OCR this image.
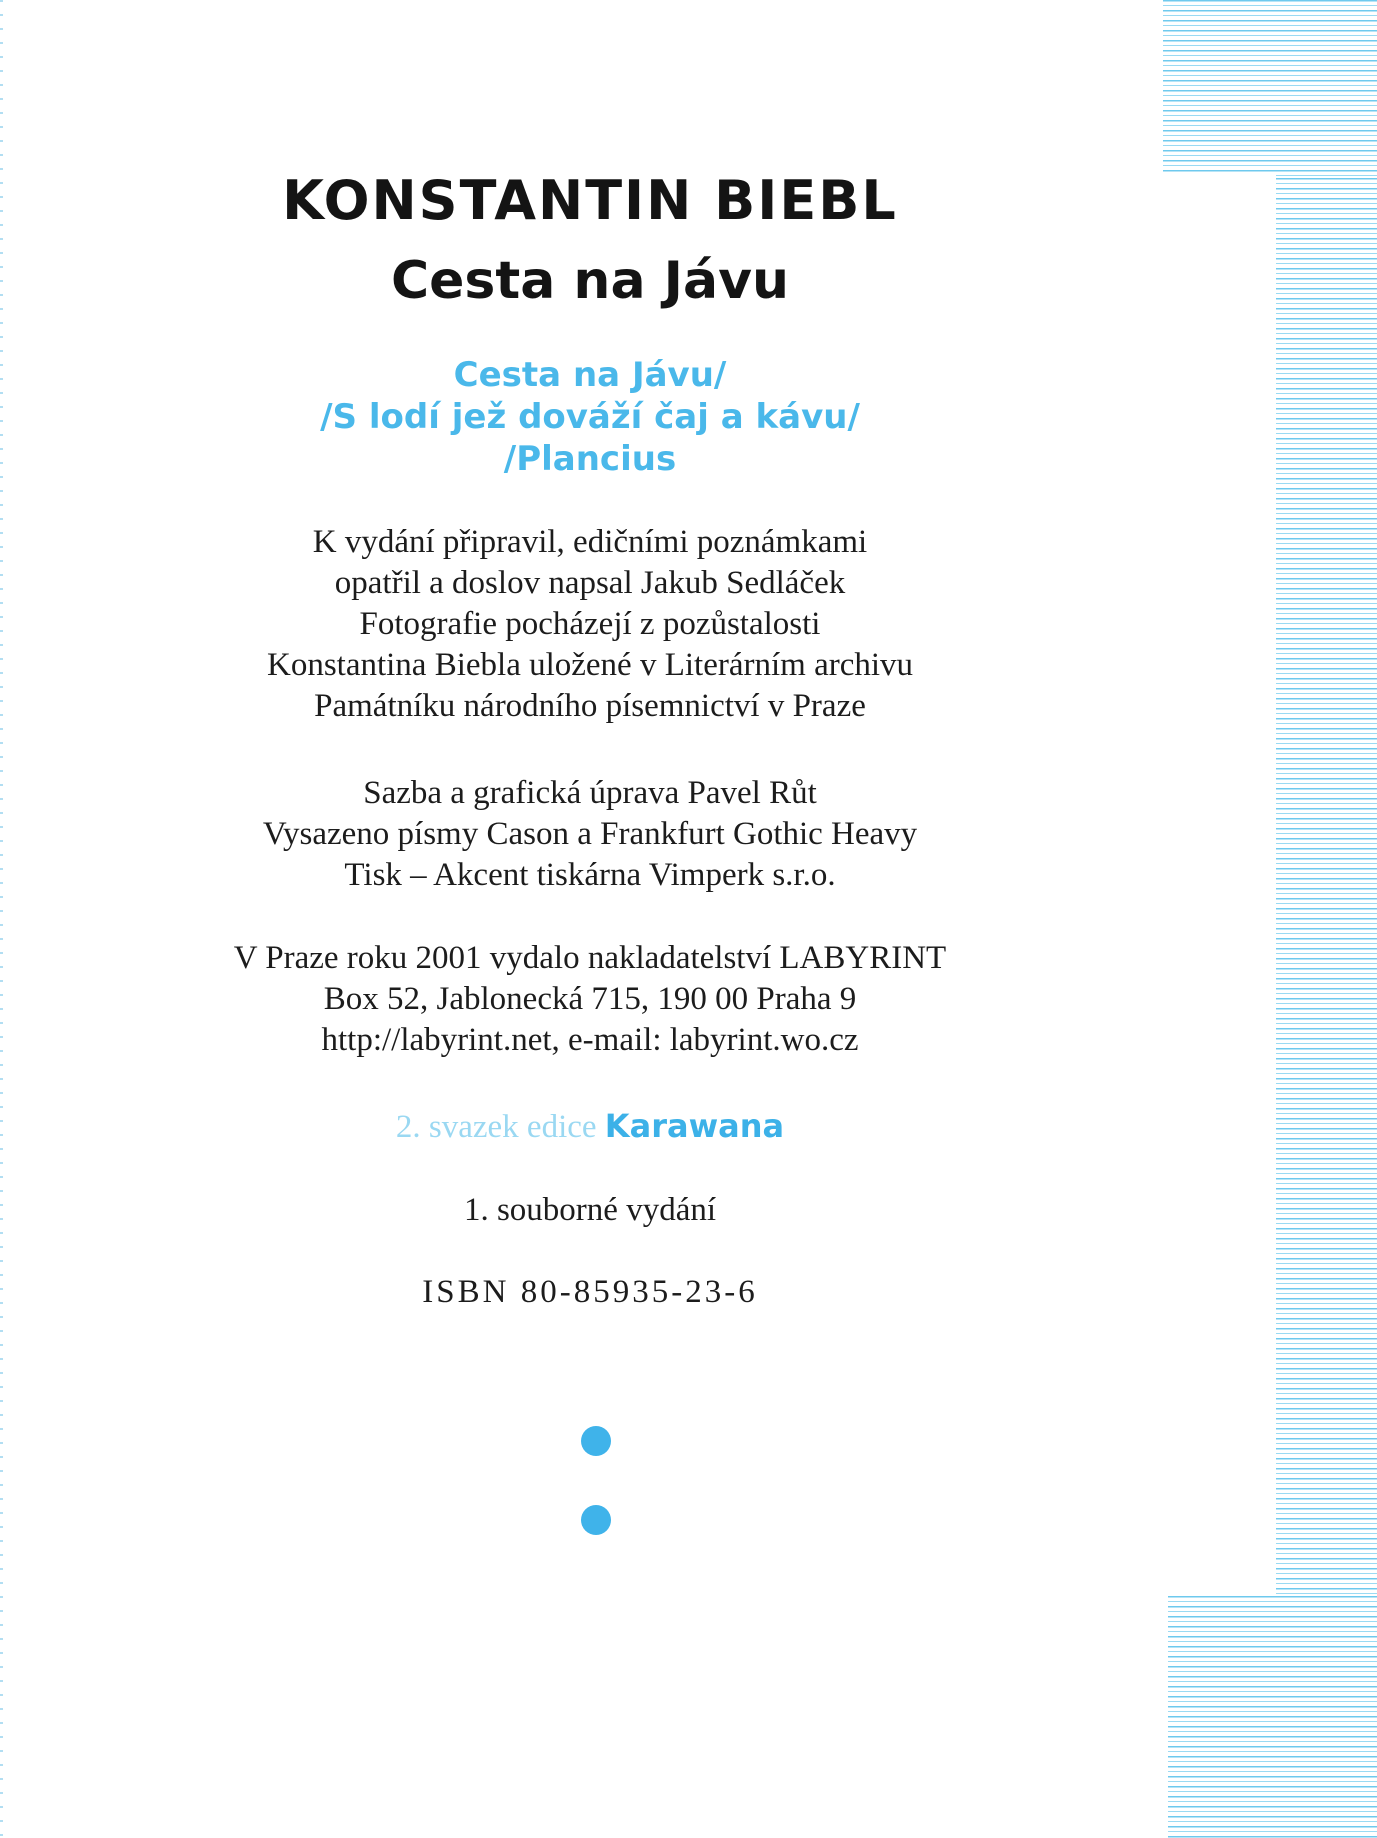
KONSTANTIN BIEBL
Cesta na Jávu
Cesta na Jávu/
/S lodí jež dováží čaj a kávu/
/Plancius
K vydání připravil, edičními poznámkami
opatřil a doslov napsal Jakub Sedláček
Fotografie pocházejí z pozůstalosti
Konstantina Biebla uložené v Literárním archivu
Památníku národního písemnictví v Praze
Sazba a grafická úprava Pavel Růt
Vysazeno písmy Cason a Frankfurt Gothic Heavy
Tisk – Akcent tiskárna Vimperk s.r.o.
V Praze roku 2001 vydalo nakladatelství LABYRINT
Box 52, Jablonecká 715, 190 00 Praha 9
http://labyrint.net, e-mail: labyrint.wo.cz
2. svazek edice Karawana
1. souborné vydání
ISBN 80-85935-23-6
